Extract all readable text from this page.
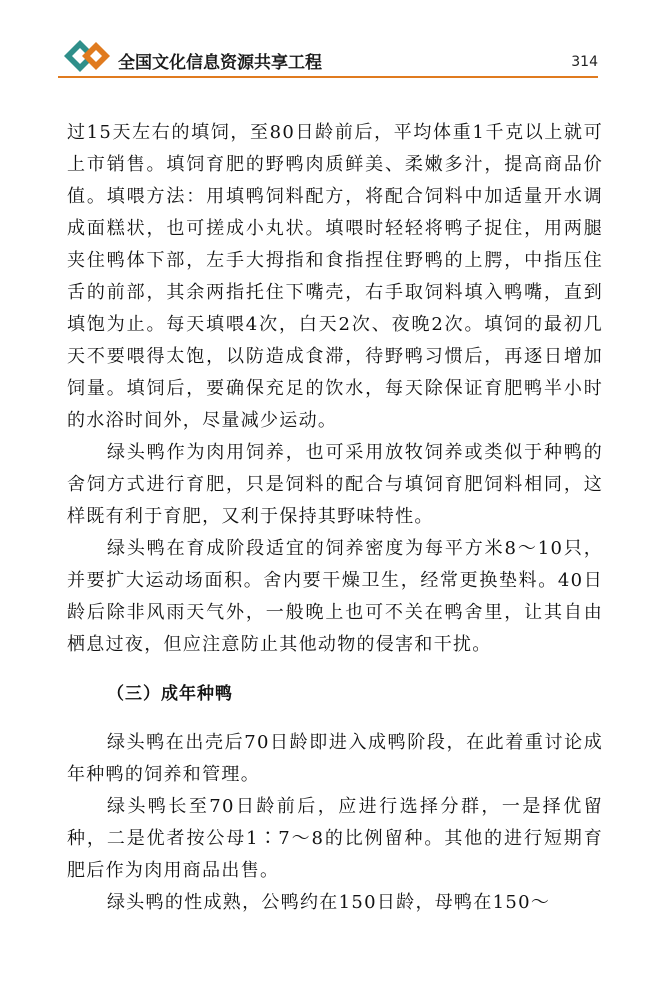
全国文化信息资源共享工程	314

过15天左右的填饲，至80日龄前后，平均体重1千克以上就可上市销售。填饲育肥的野鸭肉质鲜美、柔嫩多汁，提高商品价值。填喂方法：用填鸭饲料配方，将配合饲料中加适量开水调成面糕状，也可搓成小丸状。填喂时轻轻将鸭子捉住，用两腿夹住鸭体下部，左手大拇指和食指捏住野鸭的上腭，中指压住舌的前部，其余两指托住下嘴壳，右手取饲料填入鸭嘴，直到填饱为止。每天填喂4次，白天2次、夜晚2次。填饲的最初几天不要喂得太饱，以防造成食滞，待野鸭习惯后，再逐日增加饲量。填饲后，要确保充足的饮水，每天除保证育肥鸭半小时的水浴时间外，尽量减少运动。

绿头鸭作为肉用饲养，也可采用放牧饲养或类似于种鸭的舍饲方式进行育肥，只是饲料的配合与填饲育肥饲料相同，这样既有利于育肥，又利于保持其野味特性。

绿头鸭在育成阶段适宜的饲养密度为每平方米8～10只，并要扩大运动场面积。舍内要干燥卫生，经常更换垫料。40日龄后除非风雨天气外，一般晚上也可不关在鸭舍里，让其自由栖息过夜，但应注意防止其他动物的侵害和干扰。

（三）成年种鸭

绿头鸭在出壳后70日龄即进入成鸭阶段，在此着重讨论成年种鸭的饲养和管理。

绿头鸭长至70日龄前后，应进行选择分群，一是择优留种，二是优者按公母1∶7～8的比例留种。其他的进行短期育肥后作为肉用商品出售。

绿头鸭的性成熟，公鸭约在150日龄，母鸭在150～
